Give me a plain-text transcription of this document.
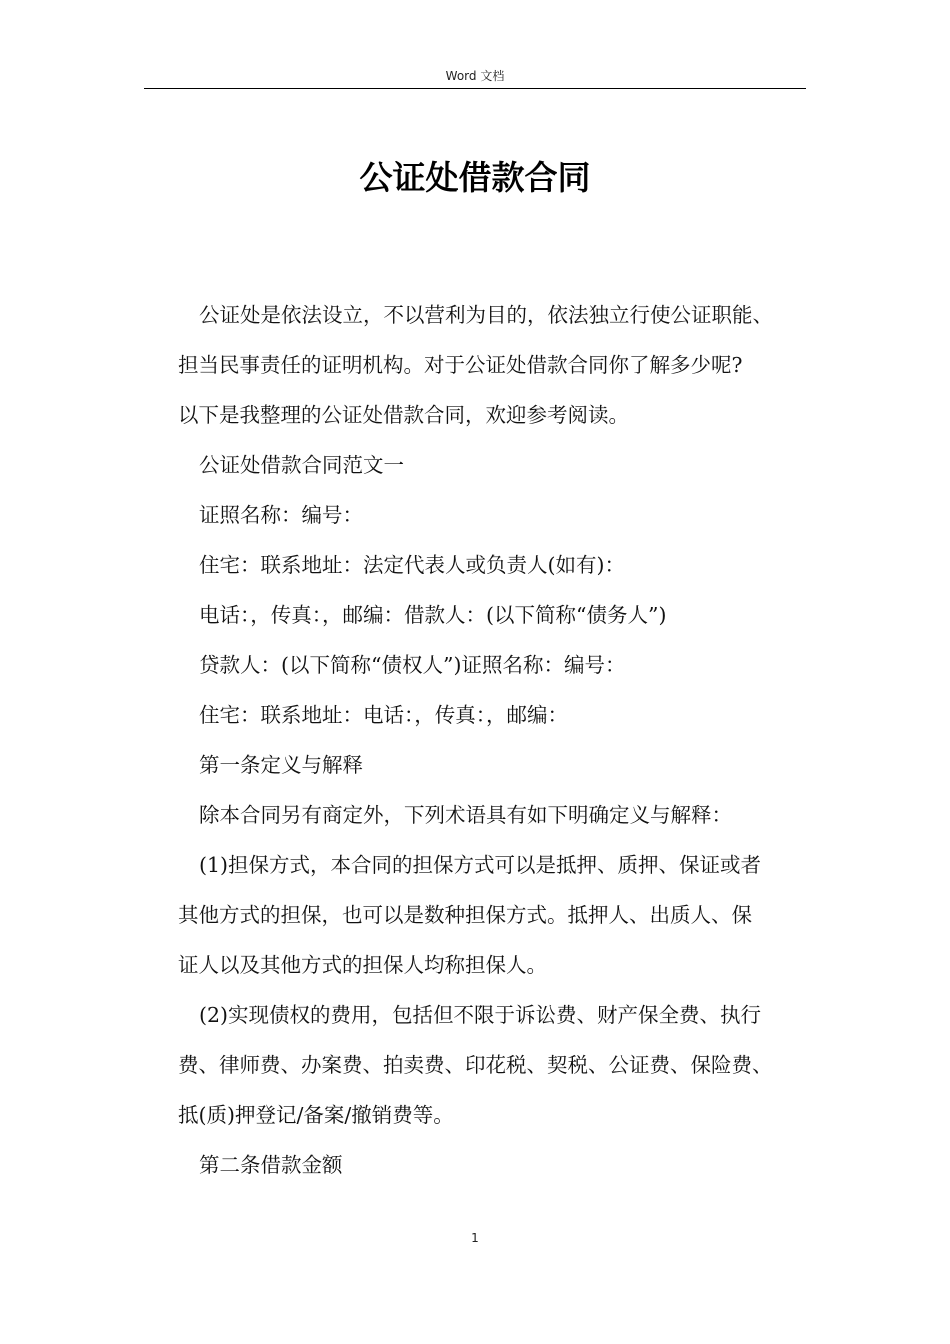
Word 文档
公证处借款合同
公证处是依法设立，不以营利为目的，依法独立行使公证职能、
担当民事责任的证明机构。对于公证处借款合同你了解多少呢?
以下是我整理的公证处借款合同，欢迎参考阅读。
公证处借款合同范文一
证照名称：编号：
住宅：联系地址：法定代表人或负责人(如有)：
电话：，传真：，邮编：借款人：(以下简称“债务人”)
贷款人：(以下简称“债权人”)证照名称：编号：
住宅：联系地址：电话：，传真：，邮编：
第一条定义与解释
除本合同另有商定外，下列术语具有如下明确定义与解释：
(1)担保方式，本合同的担保方式可以是抵押、质押、保证或者
其他方式的担保，也可以是数种担保方式。抵押人、出质人、保
证人以及其他方式的担保人均称担保人。
(2)实现债权的费用，包括但不限于诉讼费、财产保全费、执行
费、律师费、办案费、拍卖费、印花税、契税、公证费、保险费、
抵(质)押登记/备案/撤销费等。
第二条借款金额
1
